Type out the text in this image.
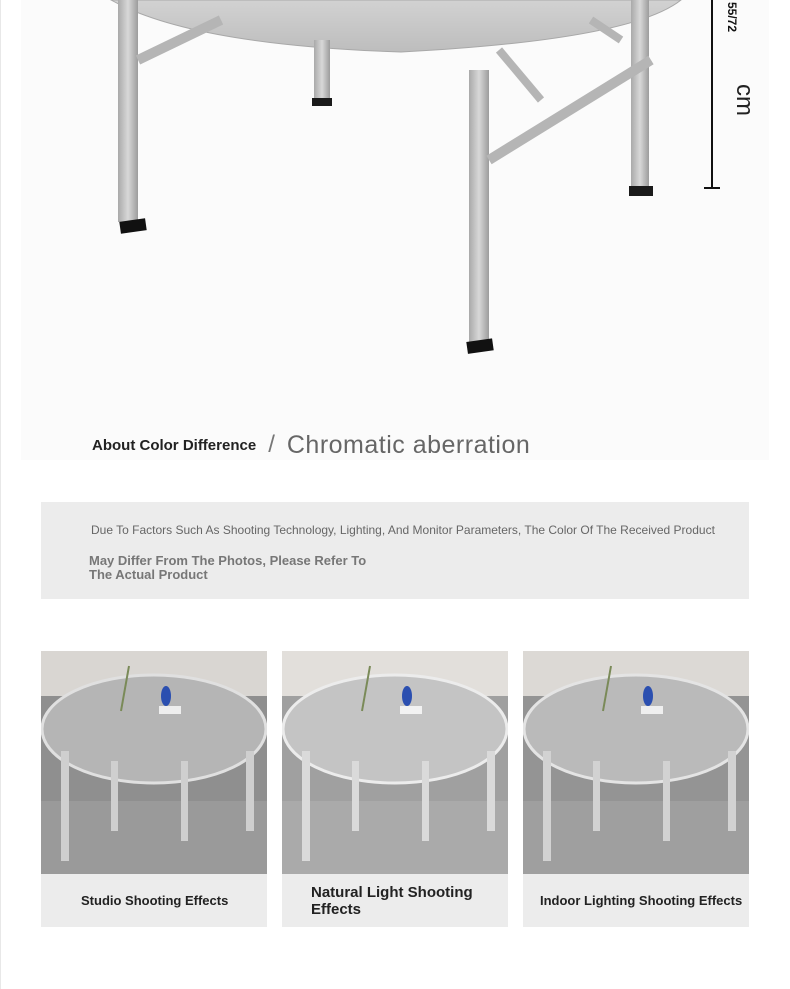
55/72
cm
About Color Difference / Chromatic aberration
Due To Factors Such As Shooting Technology, Lighting, And Monitor Parameters, The Color Of The Received Product
May Differ From The Photos, Please Refer To The Actual Product
Studio Shooting Effects	Natural Light Shooting Effects	Indoor Lighting Shooting Effects
